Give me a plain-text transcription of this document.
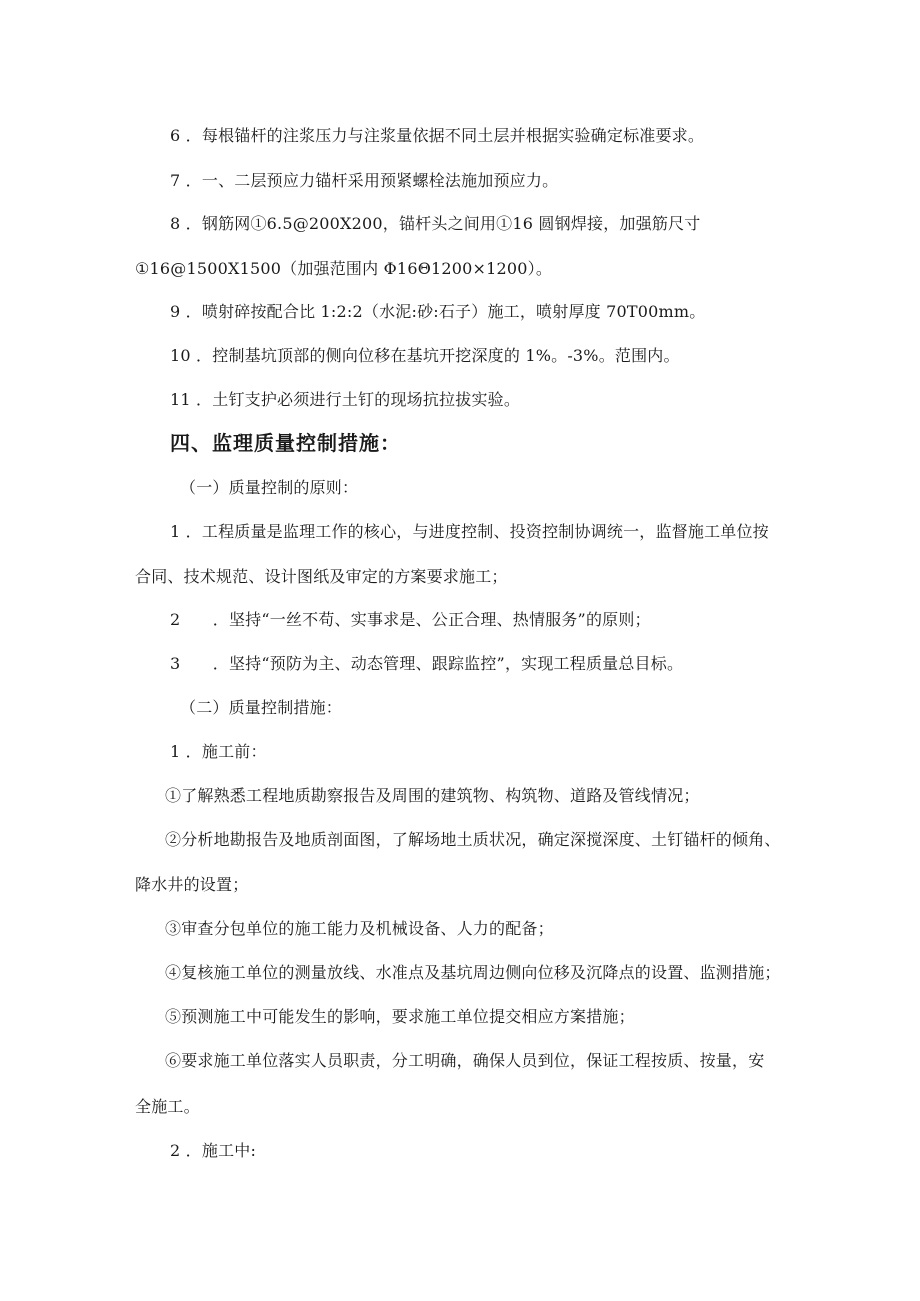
6 ．每根锚杆的注浆压力与注浆量依据不同土层并根据实验确定标准要求。
7 ．一、二层预应力锚杆采用预紧螺栓法施加预应力。
8 ．钢筋网①6.5@200X200，锚杆头之间用①16 圆钢焊接，加强筋尺寸
①16@1500X1500（加强范围内 Φ16Θ1200×1200）。
9 ．喷射碎按配合比 1:2:2（水泥:砂:石子）施工，喷射厚度 70T00mm。
10 ．控制基坑顶部的侧向位移在基坑开挖深度的 1%。-3%。范围内。
11 ．土钉支护必须进行土钉的现场抗拉拔实验。
四、监理质量控制措施：
（一）质量控制的原则：
1 ．工程质量是监理工作的核心，与进度控制、投资控制协调统一，监督施工单位按
合同、技术规范、设计图纸及审定的方案要求施工；
2　　．坚持“一丝不苟、实事求是、公正合理、热情服务”的原则；
3　　．坚持“预防为主、动态管理、跟踪监控”，实现工程质量总目标。
（二）质量控制措施：
1 ．施工前：
①了解熟悉工程地质勘察报告及周围的建筑物、构筑物、道路及管线情况；
②分析地勘报告及地质剖面图，了解场地土质状况，确定深搅深度、土钉锚杆的倾角、
降水井的设置；
③审查分包单位的施工能力及机械设备、人力的配备；
④复核施工单位的测量放线、水准点及基坑周边侧向位移及沉降点的设置、监测措施；
⑤预测施工中可能发生的影响，要求施工单位提交相应方案措施；
⑥要求施工单位落实人员职责，分工明确，确保人员到位，保证工程按质、按量，安
全施工。
2 ．施工中:
